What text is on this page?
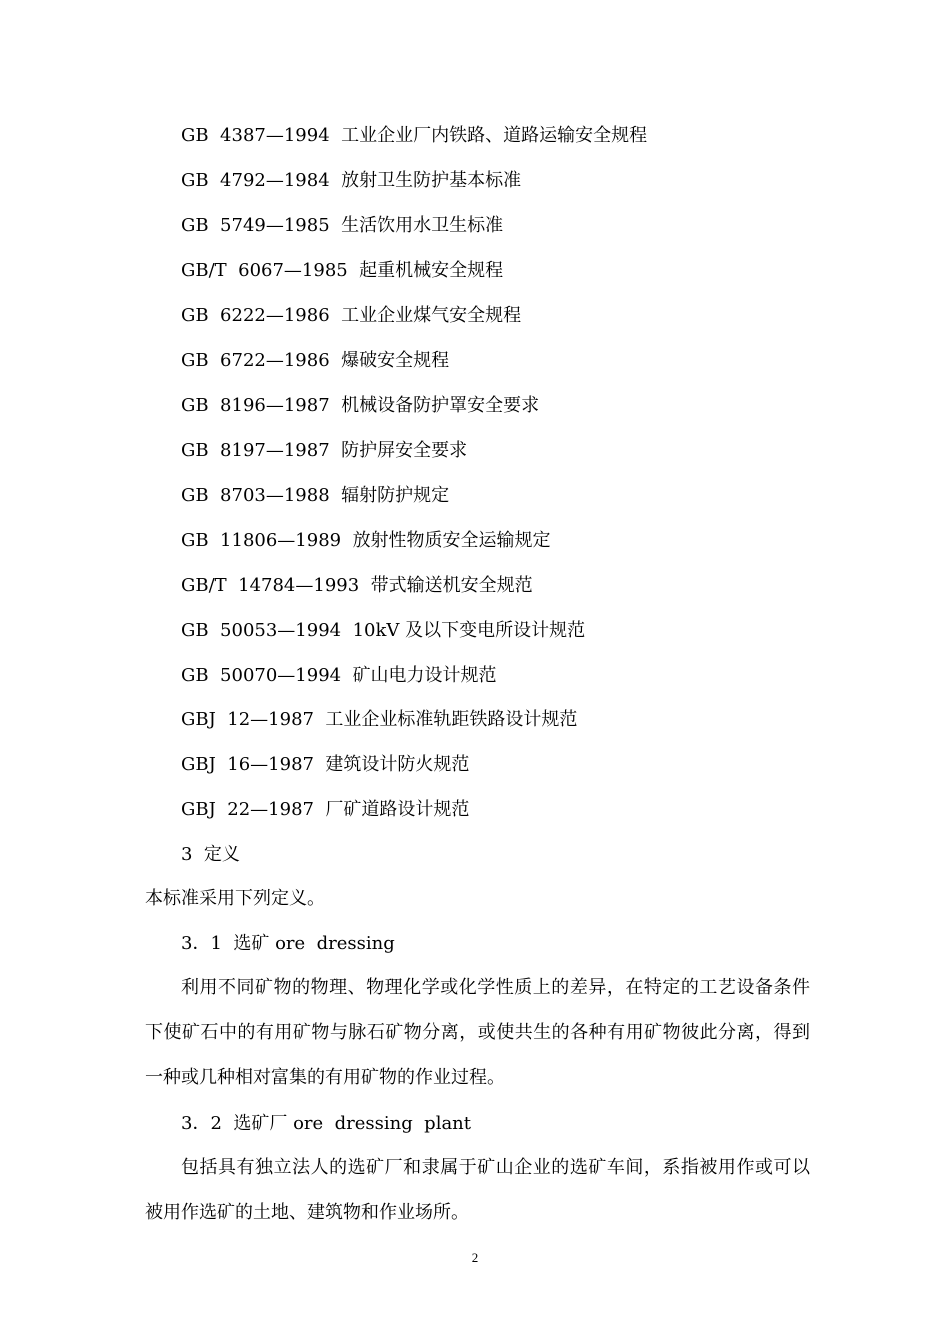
GB  4387—1994  工业企业厂内铁路、道路运输安全规程
GB  4792—1984  放射卫生防护基本标准
GB  5749—1985  生活饮用水卫生标准
GB/T  6067—1985  起重机械安全规程
GB  6222—1986  工业企业煤气安全规程
GB  6722—1986  爆破安全规程
GB  8196—1987  机械设备防护罩安全要求
GB  8197—1987  防护屏安全要求
GB  8703—1988  辐射防护规定
GB  11806—1989  放射性物质安全运输规定
GB/T  14784—1993  带式输送机安全规范
GB  50053—1994  10kV 及以下变电所设计规范
GB  50070—1994  矿山电力设计规范
GBJ  12—1987  工业企业标准轨距铁路设计规范
GBJ  16—1987  建筑设计防火规范
GBJ  22—1987  厂矿道路设计规范
3  定义
本标准采用下列定义。
3．1  选矿 ore  dressing
利用不同矿物的物理、物理化学或化学性质上的差异，在特定的工艺设备条件下使矿石中的有用矿物与脉石矿物分离，或使共生的各种有用矿物彼此分离，得到一种或几种相对富集的有用矿物的作业过程。
3．2  选矿厂 ore  dressing  plant
包括具有独立法人的选矿厂和隶属于矿山企业的选矿车间，系指被用作或可以被用作选矿的土地、建筑物和作业场所。
2
